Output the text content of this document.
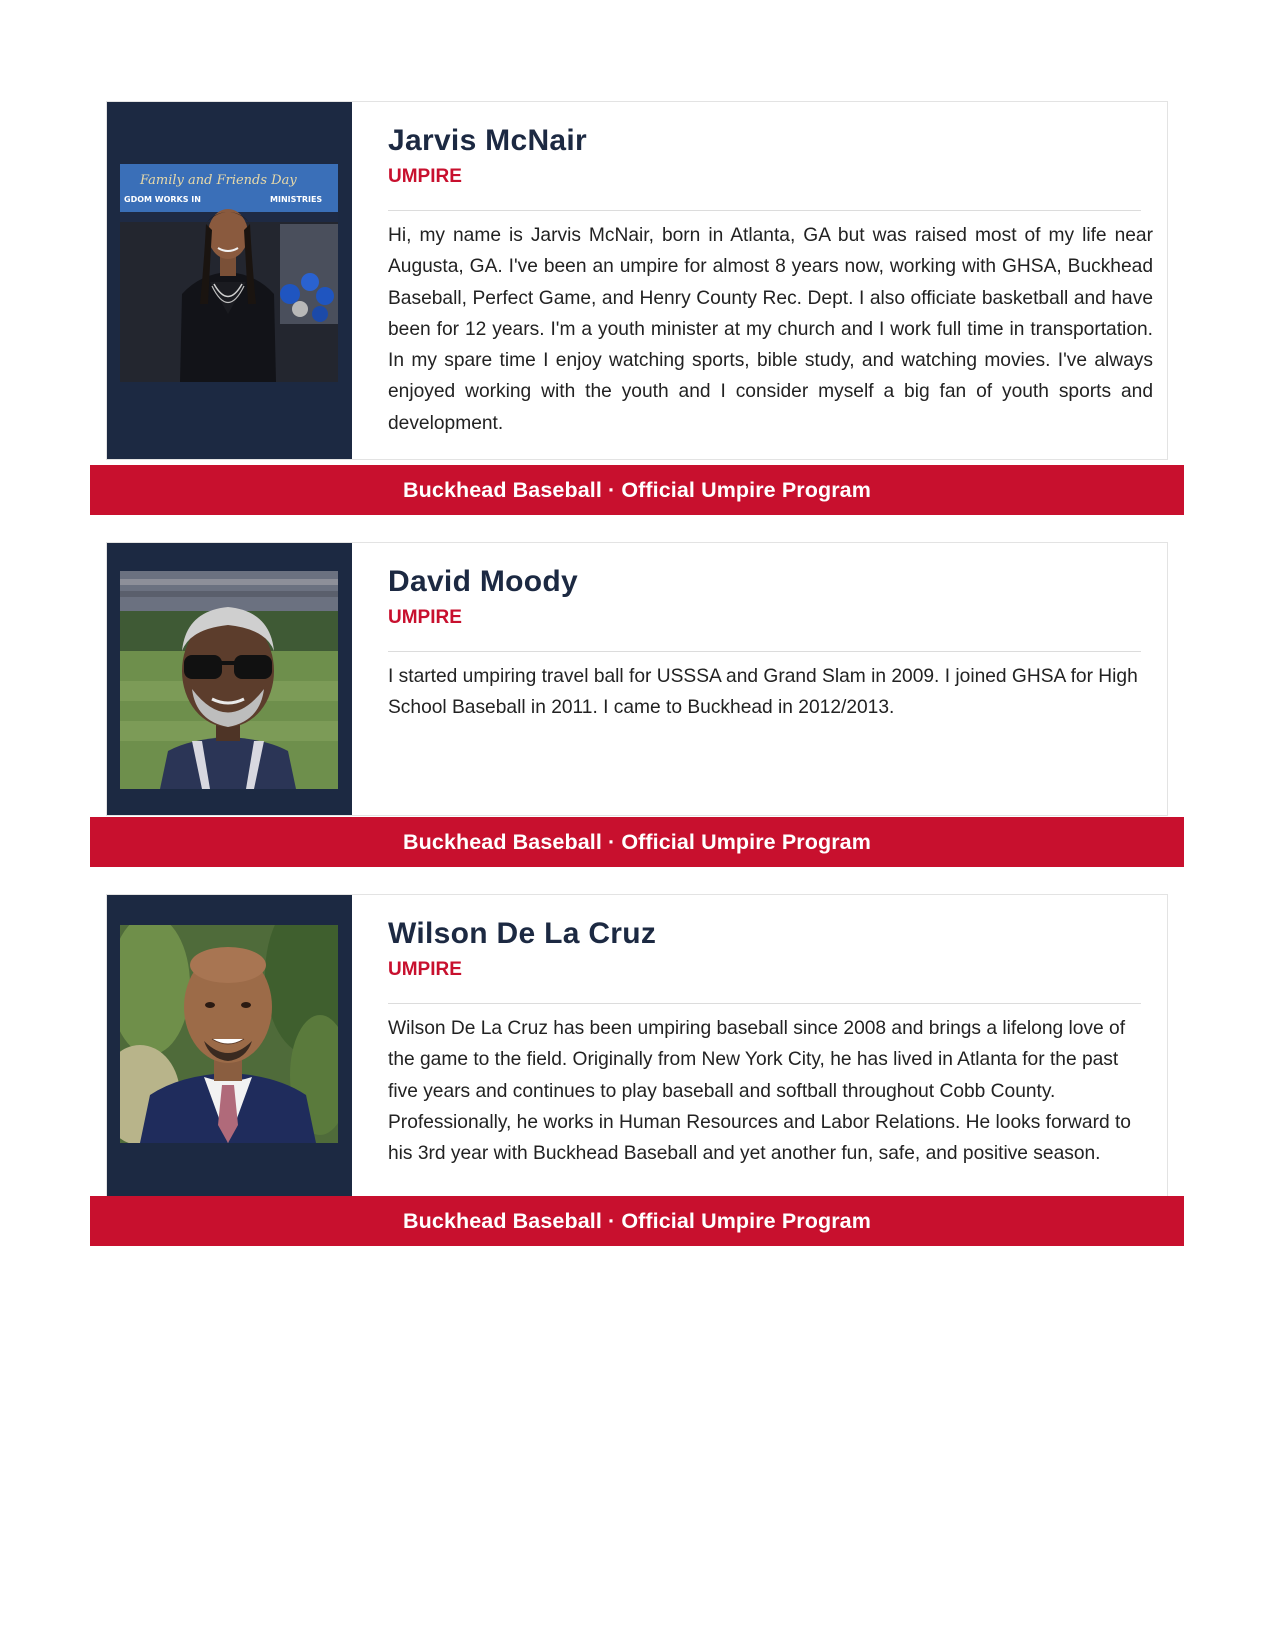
Family and Friends Day
GDOM WORKS IN	MINISTRIES
Jarvis McNair
UMPIRE

Hi, my name is Jarvis McNair, born in Atlanta, GA but was raised most of my life near Augusta, GA. I've been an umpire for almost 8 years now, working with GHSA, Buckhead Baseball, Perfect Game, and Henry County Rec. Dept. I also officiate basketball and have been for 12 years. I'm a youth minister at my church and I work full time in transportation. In my spare time I enjoy watching sports, bible study, and watching movies. I've always enjoyed working with the youth and I consider myself a big fan of youth sports and development.

Buckhead Baseball · Official Umpire Program
David Moody
UMPIRE

I started umpiring travel ball for USSSA and Grand Slam in 2009. I joined GHSA for High School Baseball in 2011. I came to Buckhead in 2012/2013.

Buckhead Baseball · Official Umpire Program
Wilson De La Cruz
UMPIRE

Wilson De La Cruz has been umpiring baseball since 2008 and brings a lifelong love of the game to the field. Originally from New York City, he has lived in Atlanta for the past five years and continues to play baseball and softball throughout Cobb County. Professionally, he works in Human Resources and Labor Relations. He looks forward to his 3rd year with Buckhead Baseball and yet another fun, safe, and positive season.

Buckhead Baseball · Official Umpire Program
